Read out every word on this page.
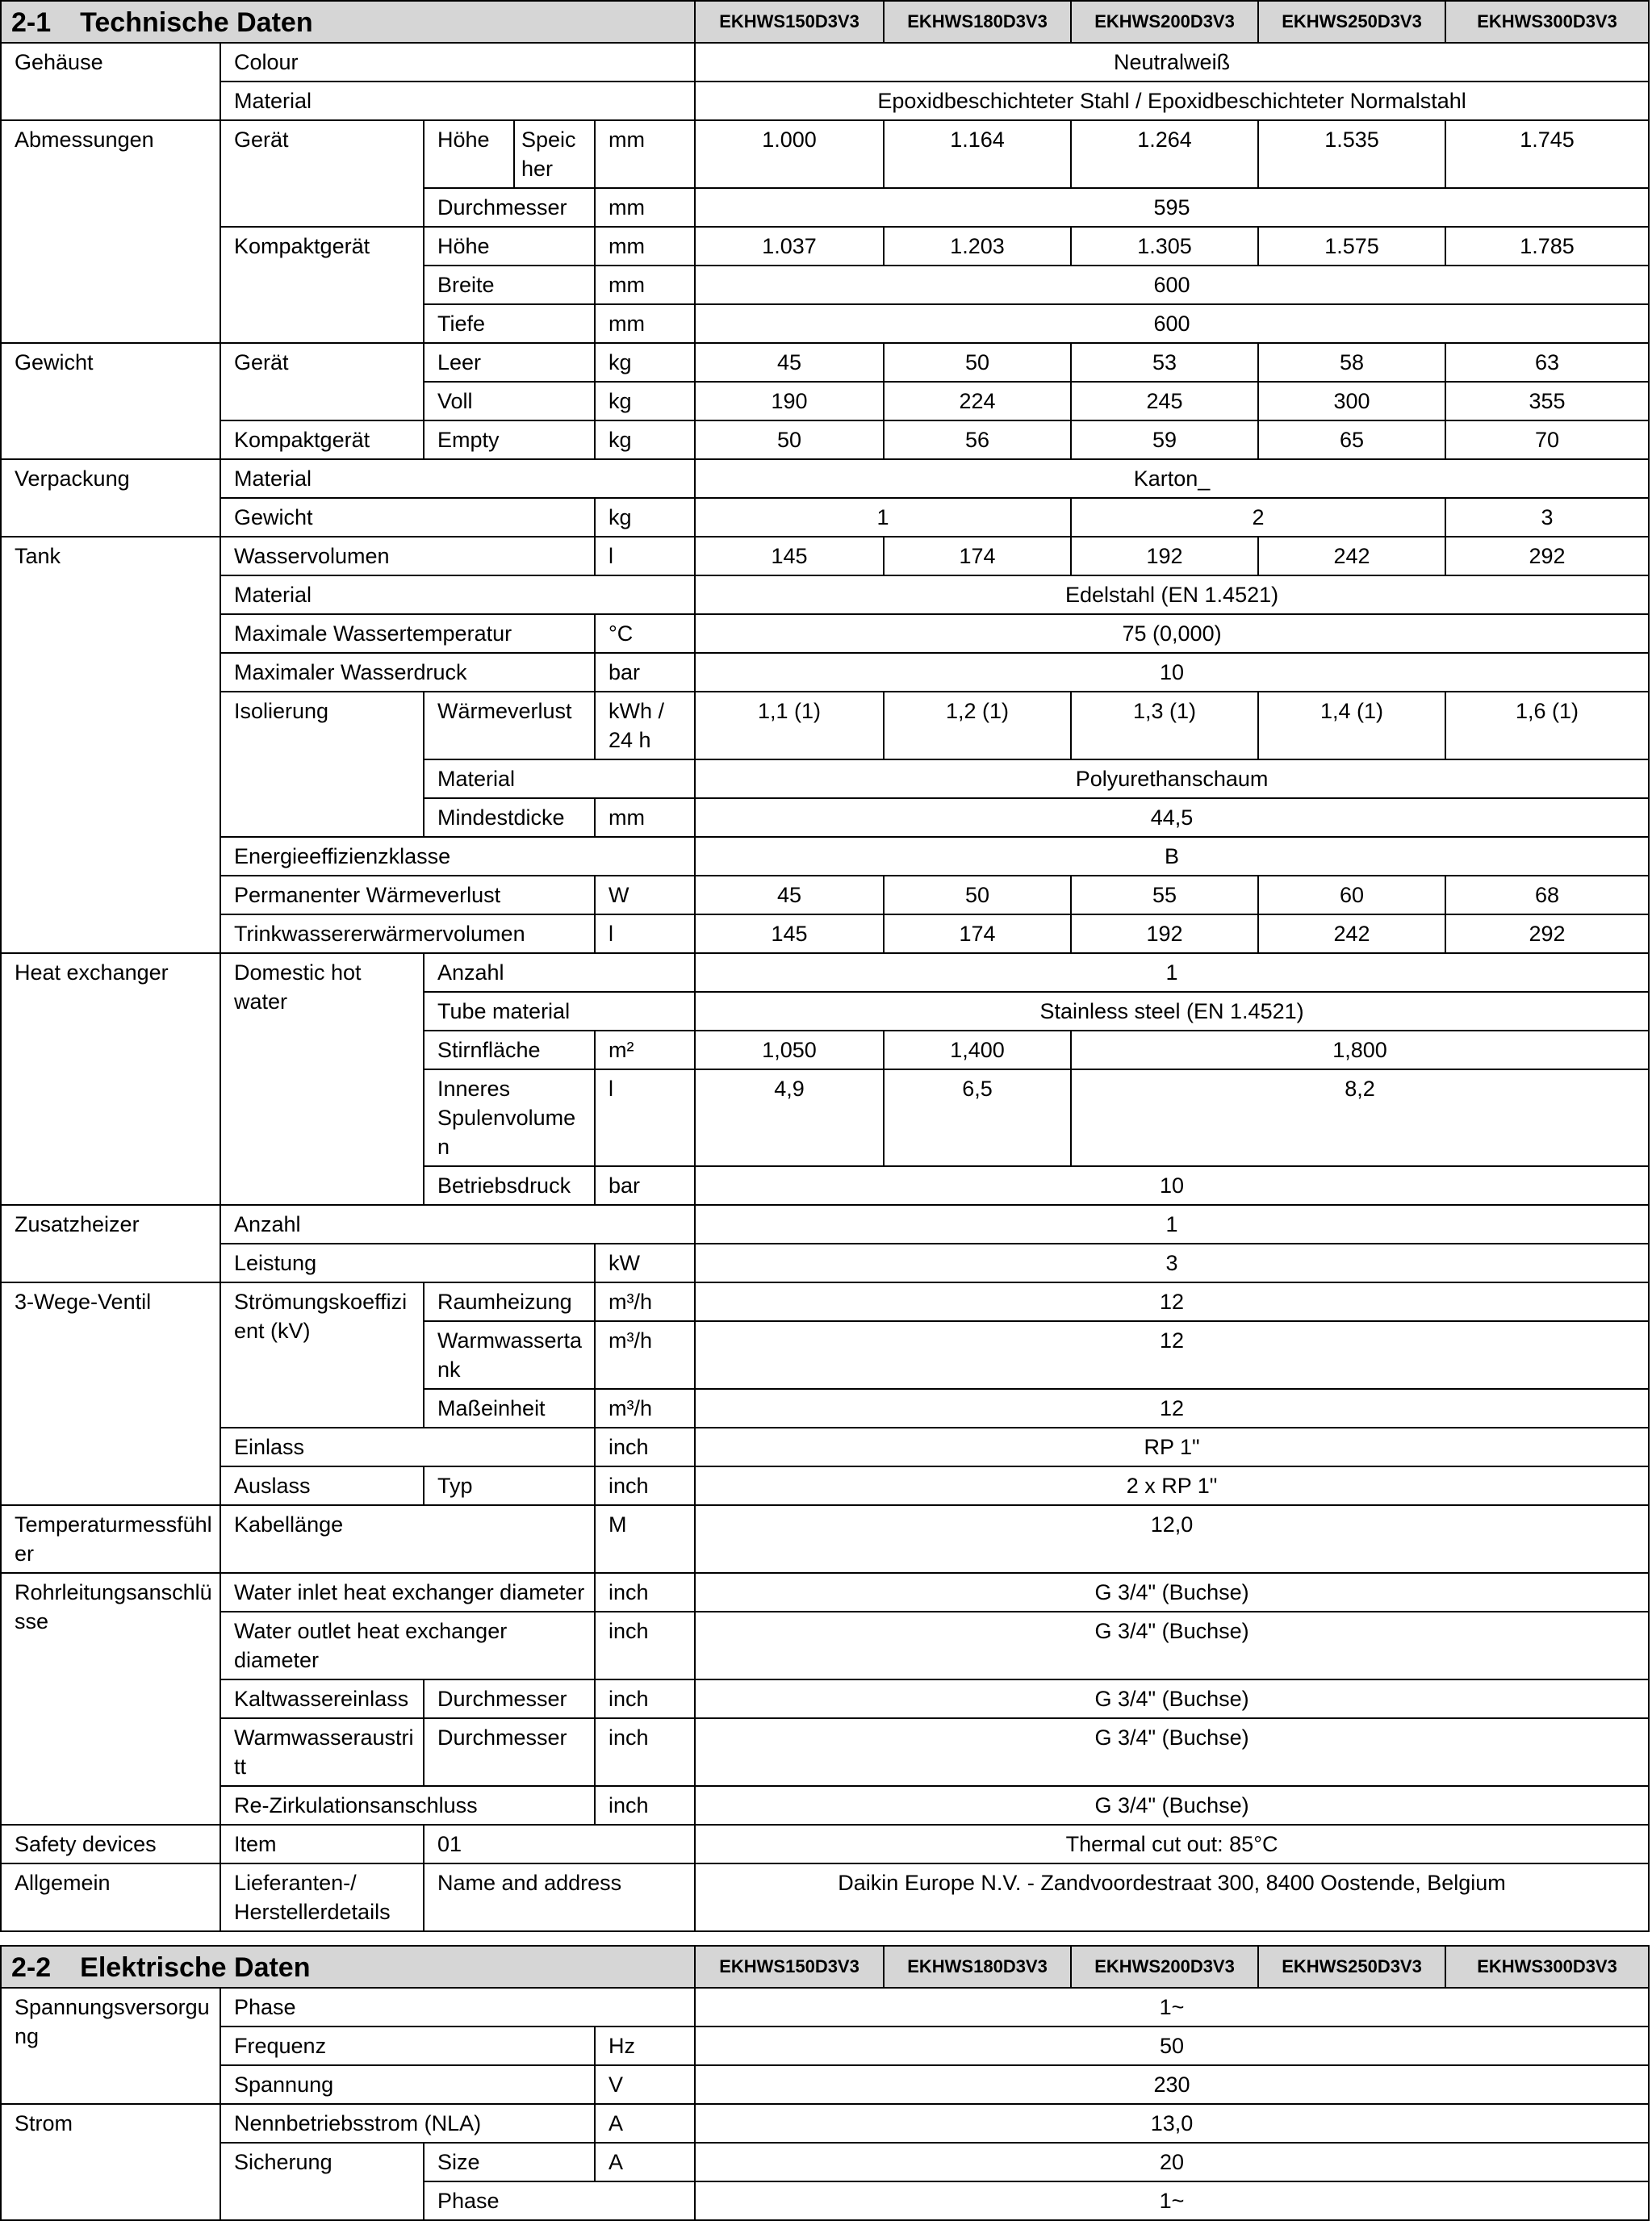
2-1 Technische Daten					EKHWS150D3V3	EKHWS180D3V3	EKHWS200D3V3	EKHWS250D3V3	EKHWS300D3V3
Gehäuse	Colour				Neutralweiß				
	Material				Epoxidbeschichteter Stahl / Epoxidbeschichteter Normalstahl				
Abmessungen	Gerät	Höhe	Speicher	mm	1.000	1.164	1.264	1.535	1.745
		Durchmesser		mm	595				
	Kompaktgerät	Höhe		mm	1.037	1.203	1.305	1.575	1.785
		Breite		mm	600				
		Tiefe		mm	600				
Gewicht	Gerät	Leer		kg	45	50	53	58	63
		Voll		kg	190	224	245	300	355
	Kompaktgerät	Empty		kg	50	56	59	65	70
Verpackung	Material				Karton_				
	Gewicht			kg	1		2		3
Tank	Wasservolumen			l	145	174	192	242	292
	Material				Edelstahl (EN 1.4521)				
	Maximale Wassertemperatur			°C	75 (0,000)				
	Maximaler Wasserdruck			bar	10				
	Isolierung	Wärmeverlust		kWh / 24 h	1,1 (1)	1,2 (1)	1,3 (1)	1,4 (1)	1,6 (1)
		Material			Polyurethanschaum				
		Mindestdicke		mm	44,5				
	Energieeffizienzklasse				B				
	Permanenter Wärmeverlust			W	45	50	55	60	68
	Trinkwassererwärmervolumen			l	145	174	192	242	292
Heat exchanger	Domestic hot water	Anzahl			1				
		Tube material			Stainless steel (EN 1.4521)				
		Stirnfläche		m²	1,050	1,400	1,800		
		Inneres Spulenvolumen		l	4,9	6,5	8,2		
		Betriebsdruck		bar	10				
Zusatzheizer	Anzahl				1				
	Leistung			kW	3				
3-Wege-Ventil	Strömungskoeffizient (kV)	Raumheizung		m³/h	12				
		Warmwassertank		m³/h	12				
		Maßeinheit		m³/h	12				
	Einlass			inch	RP 1"				
	Auslass	Typ		inch	2 x RP 1"				
Temperaturmessfühler	Kabellänge			M	12,0				
Rohrleitungsanschlüsse	Water inlet heat exchanger diameter			inch	G 3/4" (Buchse)				
	Water outlet heat exchanger diameter			inch	G 3/4" (Buchse)				
	Kaltwassereinlass	Durchmesser		inch	G 3/4" (Buchse)				
	Warmwasseraustritt	Durchmesser		inch	G 3/4" (Buchse)				
	Re-Zirkulationsanschluss			inch	G 3/4" (Buchse)				
Safety devices	Item	01			Thermal cut out: 85°C				
Allgemein	Lieferanten-/ Herstellerdetails	Name and address			Daikin Europe N.V. - Zandvoordestraat 300, 8400 Oostende, Belgium				

2-2 Elektrische Daten					EKHWS150D3V3	EKHWS180D3V3	EKHWS200D3V3	EKHWS250D3V3	EKHWS300D3V3
Spannungsversorgung	Phase				1~				
	Frequenz			Hz	50				
	Spannung			V	230				
Strom	Nennbetriebsstrom (NLA)			A	13,0				
	Sicherung	Size		A	20				
		Phase			1~				
